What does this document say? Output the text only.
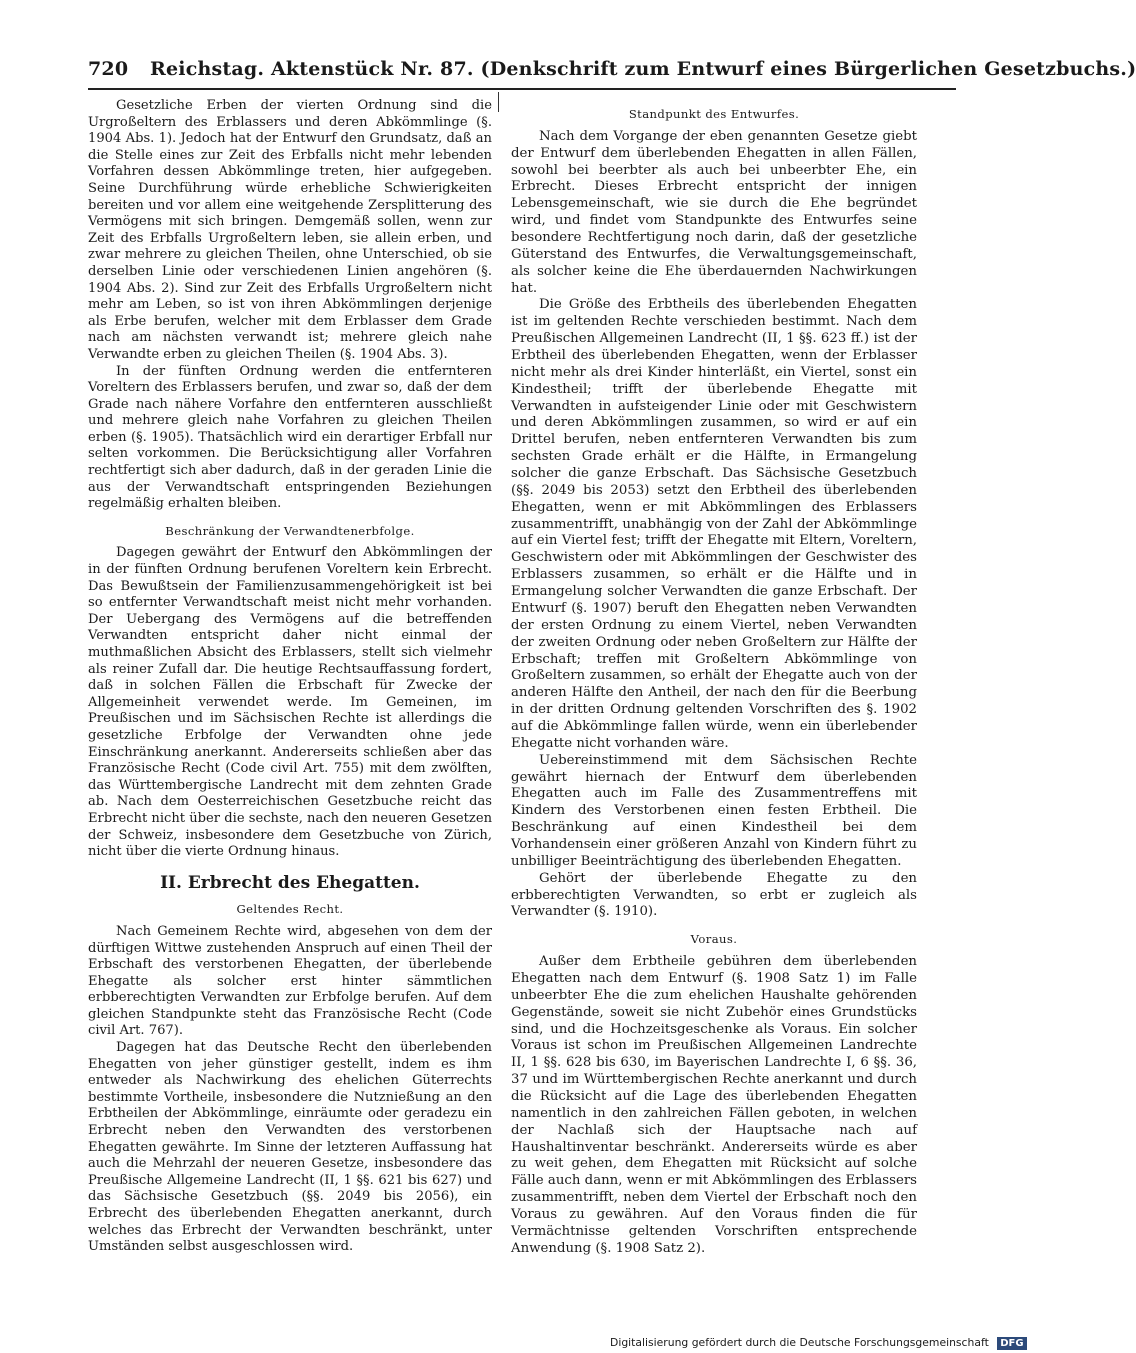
720 Reichstag. Aktenstück Nr. 87. (Denkschrift zum Entwurf eines Bürgerlichen Gesetzbuchs.)

Gesetzliche Erben der vierten Ordnung sind die Urgroßeltern des Erblassers und deren Abkömmlinge (§. 1904 Abs. 1). Jedoch hat der Entwurf den Grundsatz, daß an die Stelle eines zur Zeit des Erbfalls nicht mehr lebenden Vorfahren dessen Abkömmlinge treten, hier aufgegeben. Seine Durchführung würde erhebliche Schwierigkeiten bereiten und vor allem eine weitgehende Zersplitterung des Vermögens mit sich bringen. Demgemäß sollen, wenn zur Zeit des Erbfalls Urgroßeltern leben, sie allein erben, und zwar mehrere zu gleichen Theilen, ohne Unterschied, ob sie derselben Linie oder verschiedenen Linien angehören (§. 1904 Abs. 2). Sind zur Zeit des Erbfalls Urgroßeltern nicht mehr am Leben, so ist von ihren Abkömmlingen derjenige als Erbe berufen, welcher mit dem Erblasser dem Grade nach am nächsten verwandt ist; mehrere gleich nahe Verwandte erben zu gleichen Theilen (§. 1904 Abs. 3).

In der fünften Ordnung werden die entfernteren Voreltern des Erblassers berufen, und zwar so, daß der dem Grade nach nähere Vorfahre den entfernteren ausschließt und mehrere gleich nahe Vorfahren zu gleichen Theilen erben (§. 1905). Thatsächlich wird ein derartiger Erbfall nur selten vorkommen. Die Berücksichtigung aller Vorfahren rechtfertigt sich aber dadurch, daß in der geraden Linie die aus der Verwandtschaft entspringenden Beziehungen regelmäßig erhalten bleiben.

Beschränkung der Verwandtenerbfolge.

Dagegen gewährt der Entwurf den Abkömmlingen der in der fünften Ordnung berufenen Voreltern kein Erbrecht. Das Bewußtsein der Familienzusammengehörigkeit ist bei so entfernter Verwandtschaft meist nicht mehr vorhanden. Der Uebergang des Vermögens auf die betreffenden Verwandten entspricht daher nicht einmal der muthmaßlichen Absicht des Erblassers, stellt sich vielmehr als reiner Zufall dar. Die heutige Rechtsauffassung fordert, daß in solchen Fällen die Erbschaft für Zwecke der Allgemeinheit verwendet werde. Im Gemeinen, im Preußischen und im Sächsischen Rechte ist allerdings die gesetzliche Erbfolge der Verwandten ohne jede Einschränkung anerkannt. Andererseits schließen aber das Französische Recht (Code civil Art. 755) mit dem zwölften, das Württembergische Landrecht mit dem zehnten Grade ab. Nach dem Oesterreichischen Gesetzbuche reicht das Erbrecht nicht über die sechste, nach den neueren Gesetzen der Schweiz, insbesondere dem Gesetzbuche von Zürich, nicht über die vierte Ordnung hinaus.

II. Erbrecht des Ehegatten.

Geltendes Recht.

Nach Gemeinem Rechte wird, abgesehen von dem der dürftigen Wittwe zustehenden Anspruch auf einen Theil der Erbschaft des verstorbenen Ehegatten, der überlebende Ehegatte als solcher erst hinter sämmtlichen erbberechtigten Verwandten zur Erbfolge berufen. Auf dem gleichen Standpunkte steht das Französische Recht (Code civil Art. 767).

Dagegen hat das Deutsche Recht den überlebenden Ehegatten von jeher günstiger gestellt, indem es ihm entweder als Nachwirkung des ehelichen Güterrechts bestimmte Vortheile, insbesondere die Nutznießung an den Erbtheilen der Abkömmlinge, einräumte oder geradezu ein Erbrecht neben den Verwandten des verstorbenen Ehegatten gewährte. Im Sinne der letzteren Auffassung hat auch die Mehrzahl der neueren Gesetze, insbesondere das Preußische Allgemeine Landrecht (II, 1 §§. 621 bis 627) und das Sächsische Gesetzbuch (§§. 2049 bis 2056), ein Erbrecht des überlebenden Ehegatten anerkannt, durch welches das Erbrecht der Verwandten beschränkt, unter Umständen selbst ausgeschlossen wird.

Standpunkt des Entwurfes.

Nach dem Vorgange der eben genannten Gesetze giebt der Entwurf dem überlebenden Ehegatten in allen Fällen, sowohl bei beerbter als auch bei unbeerbter Ehe, ein Erbrecht. Dieses Erbrecht entspricht der innigen Lebensgemeinschaft, wie sie durch die Ehe begründet wird, und findet vom Standpunkte des Entwurfes seine besondere Rechtfertigung noch darin, daß der gesetzliche Güterstand des Entwurfes, die Verwaltungsgemeinschaft, als solcher keine die Ehe überdauernden Nachwirkungen hat.

Die Größe des Erbtheils des überlebenden Ehegatten ist im geltenden Rechte verschieden bestimmt. Nach dem Preußischen Allgemeinen Landrecht (II, 1 §§. 623 ff.) ist der Erbtheil des überlebenden Ehegatten, wenn der Erblasser nicht mehr als drei Kinder hinterläßt, ein Viertel, sonst ein Kindestheil; trifft der überlebende Ehegatte mit Verwandten in aufsteigender Linie oder mit Geschwistern und deren Abkömmlingen zusammen, so wird er auf ein Drittel berufen, neben entfernteren Verwandten bis zum sechsten Grade erhält er die Hälfte, in Ermangelung solcher die ganze Erbschaft. Das Sächsische Gesetzbuch (§§. 2049 bis 2053) setzt den Erbtheil des überlebenden Ehegatten, wenn er mit Abkömmlingen des Erblassers zusammentrifft, unabhängig von der Zahl der Abkömmlinge auf ein Viertel fest; trifft der Ehegatte mit Eltern, Voreltern, Geschwistern oder mit Abkömmlingen der Geschwister des Erblassers zusammen, so erhält er die Hälfte und in Ermangelung solcher Verwandten die ganze Erbschaft. Der Entwurf (§. 1907) beruft den Ehegatten neben Verwandten der ersten Ordnung zu einem Viertel, neben Verwandten der zweiten Ordnung oder neben Großeltern zur Hälfte der Erbschaft; treffen mit Großeltern Abkömmlinge von Großeltern zusammen, so erhält der Ehegatte auch von der anderen Hälfte den Antheil, der nach den für die Beerbung in der dritten Ordnung geltenden Vorschriften des §. 1902 auf die Abkömmlinge fallen würde, wenn ein überlebender Ehegatte nicht vorhanden wäre.

Uebereinstimmend mit dem Sächsischen Rechte gewährt hiernach der Entwurf dem überlebenden Ehegatten auch im Falle des Zusammentreffens mit Kindern des Verstorbenen einen festen Erbtheil. Die Beschränkung auf einen Kindestheil bei dem Vorhandensein einer größeren Anzahl von Kindern führt zu unbilliger Beeinträchtigung des überlebenden Ehegatten.

Gehört der überlebende Ehegatte zu den erbberechtigten Verwandten, so erbt er zugleich als Verwandter (§. 1910).

Voraus.

Außer dem Erbtheile gebühren dem überlebenden Ehegatten nach dem Entwurf (§. 1908 Satz 1) im Falle unbeerbter Ehe die zum ehelichen Haushalte gehörenden Gegenstände, soweit sie nicht Zubehör eines Grundstücks sind, und die Hochzeitsgeschenke als Voraus. Ein solcher Voraus ist schon im Preußischen Allgemeinen Landrechte II, 1 §§. 628 bis 630, im Bayerischen Landrechte I, 6 §§. 36, 37 und im Württembergischen Rechte anerkannt und durch die Rücksicht auf die Lage des überlebenden Ehegatten namentlich in den zahlreichen Fällen geboten, in welchen der Nachlaß sich der Hauptsache nach auf Haushaltinventar beschränkt. Andererseits würde es aber zu weit gehen, dem Ehegatten mit Rücksicht auf solche Fälle auch dann, wenn er mit Abkömmlingen des Erblassers zusammentrifft, neben dem Viertel der Erbschaft noch den Voraus zu gewähren. Auf den Voraus finden die für Vermächtnisse geltenden Vorschriften entsprechende Anwendung (§. 1908 Satz 2).

Digitalisierung gefördert durch die Deutsche Forschungsgemeinschaft DFG
